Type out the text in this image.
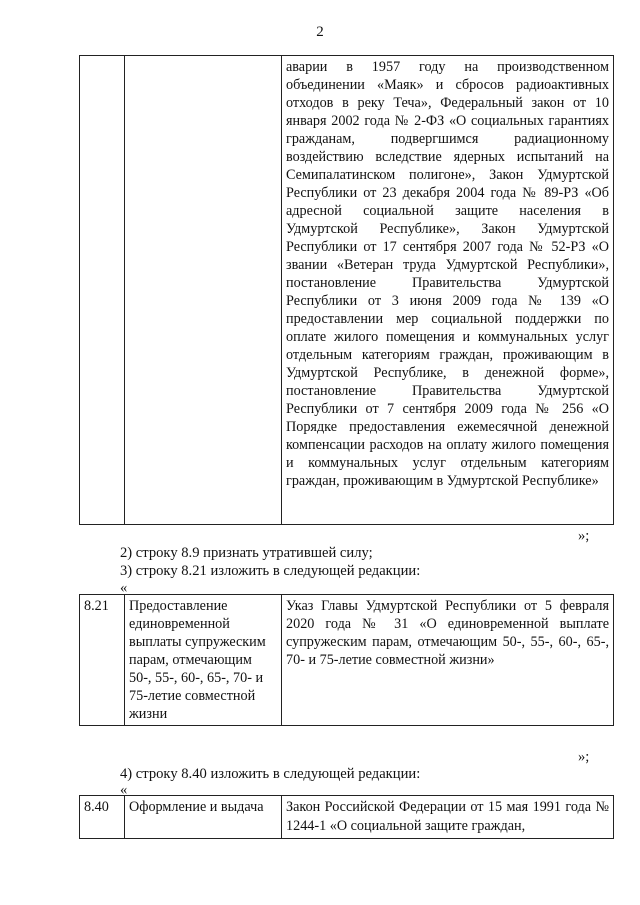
2
		аварии в 1957 году на производственном объединении «Маяк» и сбросов радиоактивных отходов в реку Теча», Федеральный закон от 10 января 2002 года № 2-ФЗ «О социальных гарантиях гражданам, подвергшимся радиационному воздействию вследствие ядерных испытаний на Семипалатинском полигоне», Закон Удмуртской Республики от 23 декабря 2004 года № 89-РЗ «Об адресной социальной защите населения в Удмуртской Республике», Закон Удмуртской Республики от 17 сентября 2007 года № 52-РЗ «О звании «Ветеран труда Удмуртской Республики», постановление Правительства Удмуртской Республики от 3 июня 2009 года № 139 «О предоставлении мер социальной поддержки по оплате жилого помещения и коммунальных услуг отдельным категориям граждан, проживающим в Удмуртской Республике, в денежной форме», постановление Правительства Удмуртской Республики от 7 сентября 2009 года № 256 «О Порядке предоставления ежемесячной денежной компенсации расходов на оплату жилого помещения и коммунальных услуг отдельным категориям граждан, проживающим в Удмуртской Республике»
»;
2) строку 8.9 признать утратившей силу;
3) строку 8.21 изложить в следующей редакции:
«
8.21	Предоставление единовременной выплаты супружеским парам, отмечающим 50-, 55-, 60-, 65-, 70- и 75-летие совместной жизни	Указ Главы Удмуртской Республики от 5 февраля 2020 года № 31 «О единовременной выплате супружеским парам, отмечающим 50-, 55-, 60-, 65-, 70- и 75-летие совместной жизни»
»;
4) строку 8.40 изложить в следующей редакции:
«
8.40	Оформление и выдача	Закон Российской Федерации от 15 мая 1991 года № 1244-1 «О социальной защите граждан,
